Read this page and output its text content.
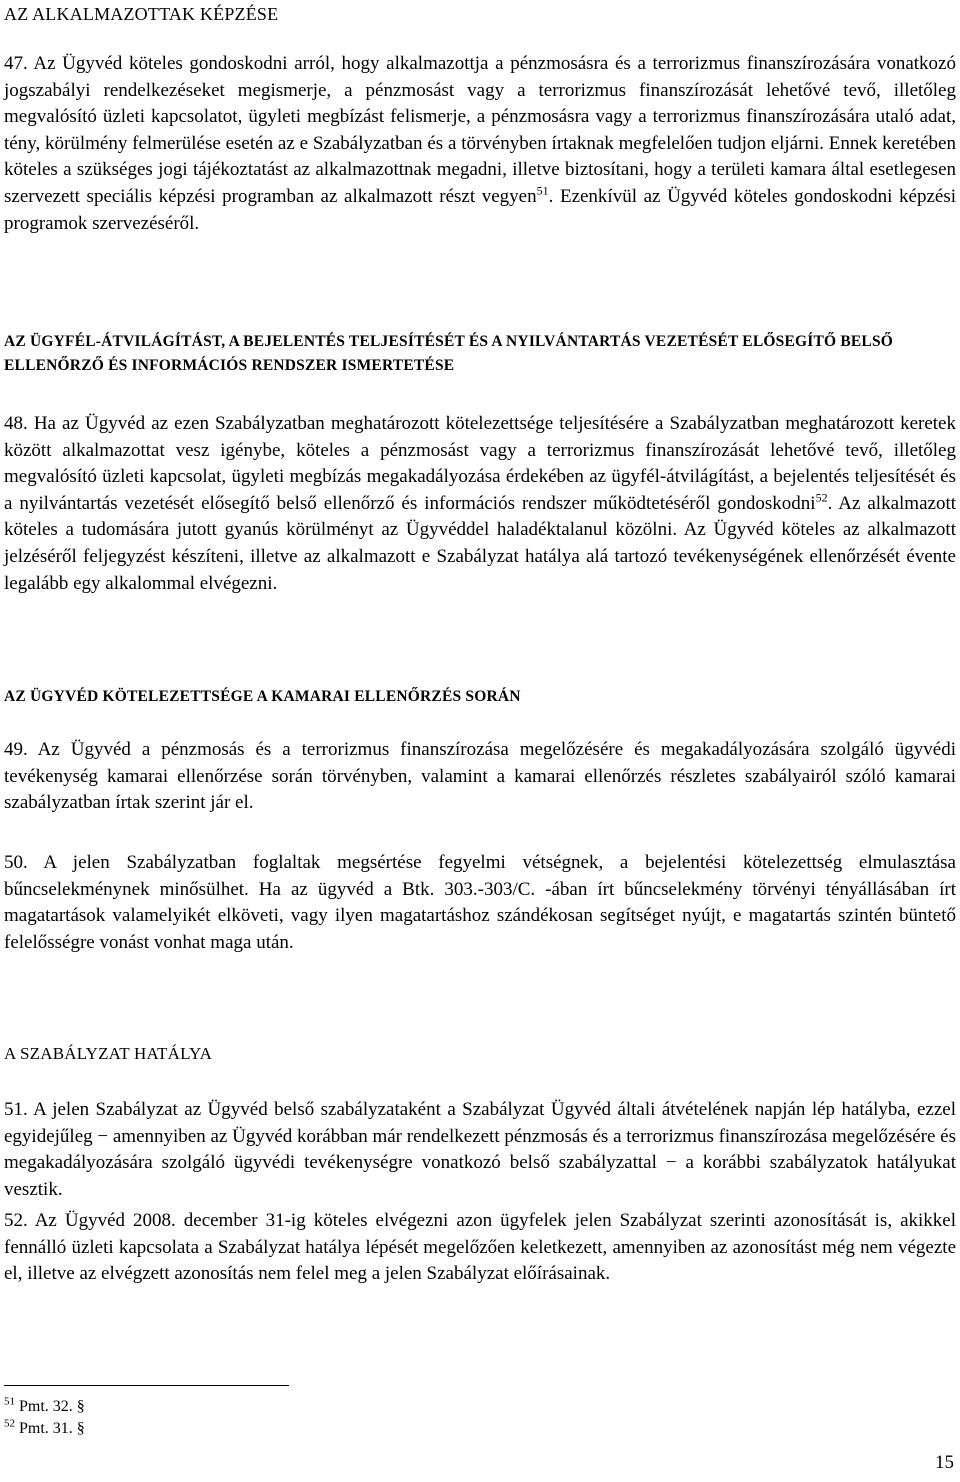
AZ ALKALMAZOTTAK KÉPZÉSE

47. Az Ügyvéd köteles gondoskodni arról, hogy alkalmazottja a pénzmosásra és a terrorizmus finanszírozására vonatkozó jogszabályi rendelkezéseket megismerje, a pénzmosást vagy a terrorizmus finanszírozását lehetővé tevő, illetőleg megvalósító üzleti kapcsolatot, ügyleti megbízást felismerje, a pénzmosásra vagy a terrorizmus finanszírozására utaló adat, tény, körülmény felmerülése esetén az e Szabályzatban és a törvényben írtaknak megfelelően tudjon eljárni. Ennek keretében köteles a szükséges jogi tájékoztatást az alkalmazottnak megadni, illetve biztosítani, hogy a területi kamara által esetlegesen szervezett speciális képzési programban az alkalmazott részt vegyen$^{51}$. Ezenkívül az Ügyvéd köteles gondoskodni képzési programok szervezéséről.

AZ ÜGYFÉL-ÁTVILÁGÍTÁST, A BEJELENTÉS TELJESÍTÉSÉT ÉS A NYILVÁNTARTÁS VEZETÉSÉT ELŐSEGÍTŐ BELSŐ ELLENŐRZŐ ÉS INFORMÁCIÓS RENDSZER ISMERTETÉSE

48. Ha az Ügyvéd az ezen Szabályzatban meghatározott kötelezettsége teljesítésére a Szabályzatban meghatározott keretek között alkalmazottat vesz igénybe, köteles a pénzmosást vagy a terrorizmus finanszírozását lehetővé tevő, illetőleg megvalósító üzleti kapcsolat, ügyleti megbízás megakadályozása érdekében az ügyfél-átvilágítást, a bejelentés teljesítését és a nyilvántartás vezetését elősegítő belső ellenőrző és információs rendszer működtetéséről gondoskodni$^{52}$. Az alkalmazott köteles a tudomására jutott gyanús körülményt az Ügyvéddel haladéktalanul közölni. Az Ügyvéd köteles az alkalmazott jelzéséről feljegyzést készíteni, illetve az alkalmazott e Szabályzat hatálya alá tartozó tevékenységének ellenőrzését évente legalább egy alkalommal elvégezni.

AZ ÜGYVÉD KÖTELEZETTSÉGE A KAMARAI ELLENŐRZÉS SORÁN

49. Az Ügyvéd a pénzmosás és a terrorizmus finanszírozása megelőzésére és megakadályozására szolgáló ügyvédi tevékenység kamarai ellenőrzése során törvényben, valamint a kamarai ellenőrzés részletes szabályairól szóló kamarai szabályzatban írtak szerint jár el.

50. A jelen Szabályzatban foglaltak megsértése fegyelmi vétségnek, a bejelentési kötelezettség elmulasztása bűncselekménynek minősülhet. Ha az ügyvéd a Btk. 303.-303/C. -ában írt bűncselekmény törvényi tényállásában írt magatartások valamelyikét elköveti, vagy ilyen magatartáshoz szándékosan segítséget nyújt, e magatartás szintén büntető felelősségre vonást vonhat maga után.

A SZABÁLYZAT HATÁLYA

51. A jelen Szabályzat az Ügyvéd belső szabályzataként a Szabályzat Ügyvéd általi átvételének napján lép hatályba, ezzel egyidejűleg − amennyiben az Ügyvéd korábban már rendelkezett pénzmosás és a terrorizmus finanszírozása megelőzésére és megakadályozására szolgáló ügyvédi tevékenységre vonatkozó belső szabályzattal − a korábbi szabályzatok hatályukat vesztik.

52. Az Ügyvéd 2008. december 31-ig köteles elvégezni azon ügyfelek jelen Szabályzat szerinti azonosítását is, akikkel fennálló üzleti kapcsolata a Szabályzat hatálya lépését megelőzően keletkezett, amennyiben az azonosítást még nem végezte el, illetve az elvégzett azonosítás nem felel meg a jelen Szabályzat előírásainak.

$^{51}$ Pmt. 32. §
$^{52}$ Pmt. 31. §
15
